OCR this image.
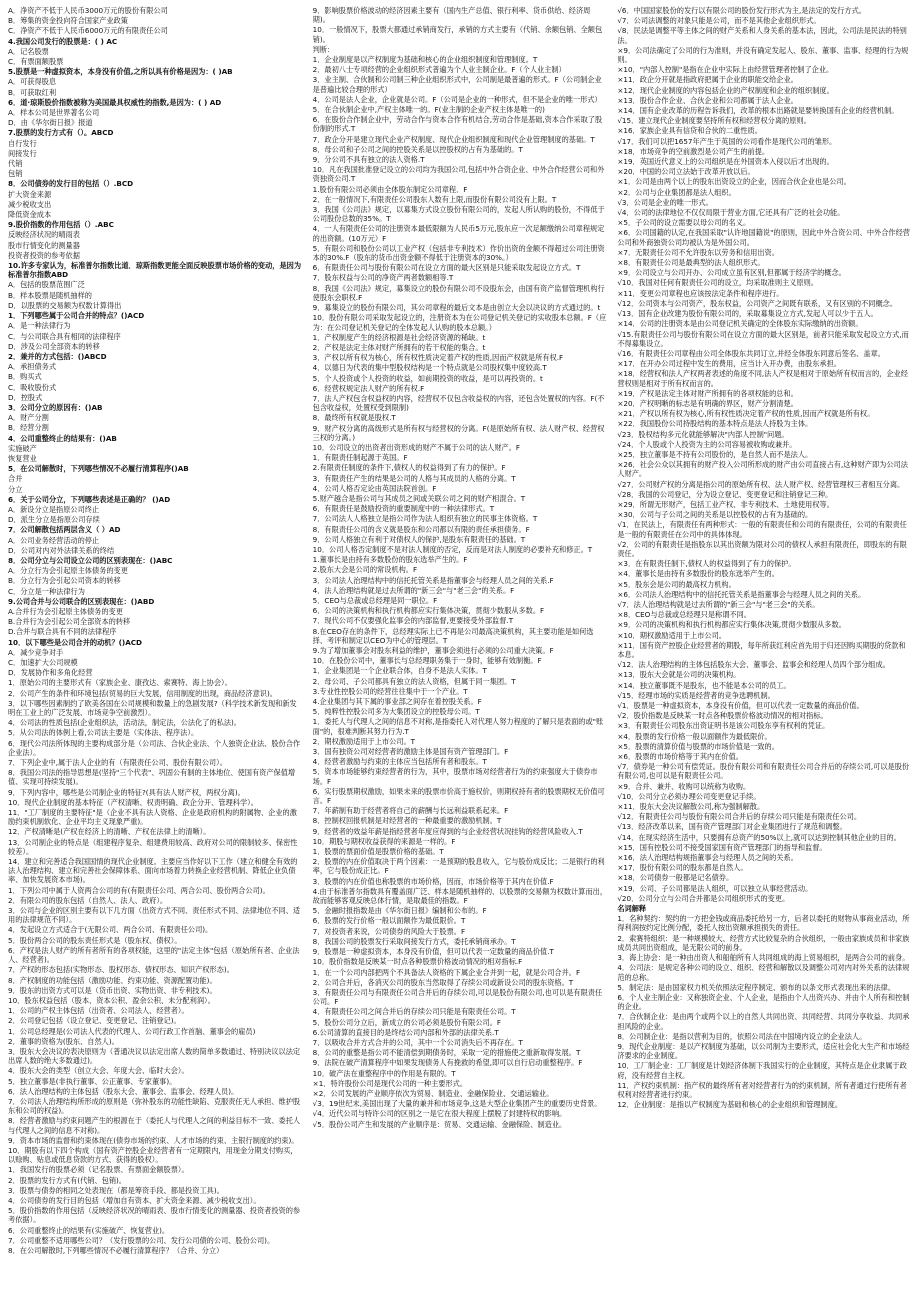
A．净资产不低于人民币3000万元的股份有限公司

B．筹集的资金投向符合国家产业政策

C．净资产不低于人民币6000万元的有限责任公司

4.我国公司发行的股票是：( ) AC

A．记名股票

C．有票面额股票

5.股票是一种虚拟资本，本身没有价值,之所以具有价格是因为：( )AB

A．可获得股息

B．可获取红利

6．道·琼斯股价指数被称为美国最具权威性的指数,是因为：( ) AD

A．样本公司是世界著名公司

D．由《华尔街日报》报道

7.股票的发行方式有（）。ABCD

自行发行

间接发行

代销

包销

8．公司债券的发行目的包括（）.BCD

扩大资金来源

减少税收支出

降低资金成本

9.股价指数的作用包括（）.ABC

反映经济状况的晴雨表

股市行情变化的测量器

投资者投资的参考依据

10.许多专家认为，标准普尔指数比道．琼斯指数更能全面反映股票市场价格的变动，是因为标准普尔指数ABD

A．包括的股票范围广泛

B．样本股票是随机抽样的

D．以股票的交易额为权数计算得出

1．下列哪些属于公司合并的特点？()ACD

A．是一种法律行为

C．与公司联合具有相同的法律程序

D．涉及公司全部资本的转移

2．兼并的方式包括：()ABCD

A．承担债务式

B．购买式

C．吸收股份式

D．控股式

3．公司分立的原因有：()AB

A．财产分割

B．经营分割

4．公司重整终止的结果有：()AB

实施破产

恢复营业

5．在公司解散时，下列哪些情况不必履行清算程序()AB

合并

分立

6．关于公司分立，下列哪些表述是正确的？ ()AD

A．新设分立是指原公司终止

D．派生分立是指原公司存续

7．公司解散包括两层含义（ ）AD

A．公司业务经营活动的停止

D．公司对内对外法律关系的终结

8．公司分立与公司设立公司的区别表现在：()ABC

A．分立行为会引起原主体债务的变更

B．分立行为会引起公司资本的转移

C．分立是一种法律行为

9.公司合并与公司联合的区别表现在：()ABD

A.合并行为会引起原主体债务的变更

B.合并行为会引起公司全部资本的转移

D.合并与联合具有不同的法律程序

10．以下哪些是公司合并的动机？()ACD

A．减少竞争对手

C．加速扩大公司规模

D．发展协作和多角化经营

1．原始公司的主要形式有（家族企业、康孜达、索赛特、海上协会）。

2．公司产生的条件和环境包括(贸易的巨大发展，信用制度的出现，商品经济意识)。

3．以下哪些因素制约了欧美各国在公司规模和数量上的急剧发展?（科学技术新发现和新发明在工业上的广泛发展、市场竞争空前激烈）。

4．公司法的性质包括(企业组织法，活动法，制定法，公法化了的私法)。

5．从公司法的体例上看,公司法主要是（实体法、程序法）。

6．现代公司法所体现的主要构成部分是（公司法、合伙企业法、个人独资企业法、股份合作企业法）。

7．下列企业中,属于法人企业的有（有限责任公司、股份有限公司）。

8．我国公司法的指导思想是(坚持"三个代表"、巩固公有制的主体地位、使国有资产保值增值、实现可持续发展)。

9．下列内容中，哪些是公司制企业的特征?(具有法人财产权，两权分离)。

10．现代企业制度的基本特征（产权清晰、权责明确、政企分开、管理科学）。

11．"工厂制度的主要特征"是（企业不具有法人资格、企业是政府机构的附属物、企业的激励约束机制软化、企业平均主义现象严重)。

12．产权清晰是(产权在经济上的清晰、产权在法律上的清晰）。

13．公司制企业的特点是（组建程序复杂、组建费用较高、政府对公司的限制较多、保密性较差）。

14．建立和完善适合我国国情的现代企业制度。主要应当作好以下工作（建立和健全有效的法人治理结构、建立和完善社会保障体系、面向市场着力转换企业经营机制、降低企业负债率、加快发展资本市场)。

1．下列公司中属于人资两合公司的有(有限责任公司、两合公司、股份两合公司)。

2．有限公司的股东包括（自然人、法人、政府）。

3．公司与企业的区别主要有以下几方面（出资方式不同、责任形式不同、法律地位不同、适用的法律规范不同）。

4．发起设立方式适合于(无限公司、两合公司、有限责任公司)。

5．股份两合公司的股东责任形式是（股东权、债权）。

6．产权是法人财产的所有者所有的各项权能，这里的"法定主体"包括（原始所有者、企业法人、经营者)。

7．产权的形态包括(实物形态、股权形态、债权形态、知识产权形态)。

8．产权制度的功能包括（激励功能、约束功能、资源配置功能)。

9．股东的出资方式可以是（货币出资、实物出资、非专利技术)。

10．股东权益包括（股本、资本公积、盈余公积、未分配利润）。

1．公司的产权主体包括（出资者、公司法人、经营者）。

2．公司登记包括（设立登记、变更登记、注销登记)。

1．公司总经理是(公司法人代表的代理人、公司行政工作首脑、董事会的雇员)

2．董事的资格为(股东、自然人)。

3．股东大会决议的表决原则为（普通决议以法定出席人数的简单多数通过、特别决议以法定出席人数的绝大多数通过)。

4．股东大会的类型（创立大会、年度大会、临时大会）。

5．独立董事是(非执行董事、公正董事、专家董事)。

6．法人治理结构的主体包括（股东大会、董事会、监事会、经理人员)。

7．公司法人治理结构所形成的原则是（弥补股东的功能性缺陷、克服责任无人承担、维护股东和公司的权益)。

8．经营者激励与约束问题产生的根源在于（委托人与代理人之间的利益目标不一致、委托人与代理人之间的信息不对称)。

9．资本市场的监督和约束体现在(债券市场的约束、人才市场的约束、主银行制度的约束)。

10．期股有以下四个构成（国有资产控股企业经营者有一定期限内，用现金分期支付购买，以赊购、贴息或低息贷款的方式、获得的股权）。

1．我国发行的股票必须（记名股票、有票面金额股票）。

2．股票的发行方式有(代销、包销)。

3．股票与债券的相同之处表现在（都是筹资手段、都是投资工具)。

4．公司债券的发行目的包括（增加自有资本、扩大资金来源、减少税收支出）。

5．股价指数的作用包括（反映经济状况的晴雨表、股市行情变化的测量器、投资者投资的参考依据）。

6．公司重整终止的结果有(实施破产、恢复营业)。

7．公司重整不适用哪些公司？（发行股票的公司、发行公司债的公司、股份公司)。

8．在公司解散时,下列哪些情况不必履行清算程序？（合并、分立）

9．影响股票价格波动的经济因素主要有（国内生产总值、银行利率、货币供给、经济周期)。

10．一般情况下，股票大都通过承销商发行，承销的方式主要有（代销、余额包销、全额包销)。

判断：

1．企业制度是以产权制度为基础和核心的企业组织制度和管理制度。T

2．最初八士专项经营的企业组织形式普遍为个人业主制企业。F（个人业主制）

3．业主制、合伙制和公司制三种企业组织形式中，公司制是最普遍的形式。F（公司制企业是普遍比较合理的形式）

4．公司是法人企业，企业就是公司。F（公司是企业的一种形式，但不是企业的唯一形式）

5．在合伙制企业中,产权主体唯一的。F(业主制的企业产权主体是唯一的)

6．在股份合作制企业中，劳动合作与资本合作有机结合,劳动合作是基础,资本合作采取了股份制的形式.T

7．政企分开是建立现代企业产权制度、现代企业组织制度和现代企业管理制度的基础。T

8．母公司和子公司之间的控股关系是以控股权的占有为基础的。T

9．分公司不具有独立的法人资格.T

10．凡在我国批准登记设立的公司均为我国公司,包括中外合资企业、中外合作经营公司和外资独资公司.T

1.股份有限公司必须由全体股东制定公司章程．F

2．在一般情况下,有限责任公司股东人数有上限,而股份有限公司没有上限。T

3．我国《公司法》规定，以募集方式设立股份有限公司的，发起人所认购的股份，不得低于公司股份总数的35%。T

4．一人有限责任公司的注册资本最低限额为人民币5万元,股东应一次足额缴纳公司章程规定的出资额。(10万元）F

5．有限公司和股份公司以工业产权（包括非专利技术）作价出资的金额不得超过公司注册资本的30%.F（股东的货币出资金额不得低于注册资本的30%。）

6．有限责任公司与股份有限公司在设立方面的最大区别是只能采取发起设立方式。T

7．股东权益与公司的净资产两者数额相等.T

8．我国《公司法》规定，募集设立的股份有限公司不设股东会，由国有资产监督管理机构行使股东会职权.F

9．募集设立的股份有限公司，其公司章程的最后文本是由创立大会以决议的方式通过的。t

10．股份有限公司采取发起设立的，注册资本为在公司登记机关登记的实收股本总额。F（应为：在公司登记机关登记的全体发起人认购的股本总额。）

1．产权制度产生的经济根源是社会经济资源的稀缺。t

2．产权是法定主体对财产所拥有的若干权能的集合。t

3．产权以所有权为核心，所有权性质决定着产权的性质,因而产权就是所有权.F

4．以德日为代表的集中型股权结构是一个特点就是公司股权集中度较高.T

5．个人投资或个人投资的收益，如前期投资的收益，是可以再投资的。t

6．经营权规定法人财产的所有权.F

7．法人产权包含权益权的内容，经营权不仅包含收益权的内容，还包含处置权的内容。F(不包含收益权，处置权受到限制)

8．最终所有权就是股权.T

9．财产权分离的高级形式是所有权与经营权的分离。F(是原始所有权、法人财产权、经营权三权的分离。)

10．公司设立的出资者出资形成的财产不属于公司的法人财产。F

1．有限责任制起源于英国。F

2.有限责任制度的条件下,债权人的权益得到了有力的保护。F

3．有限责任产生的结果是公司的人格与其成员的人格的分离。T

4．公司人格否定论由英国法院首创。F

5.财产越合是指公司与其成员之间或关联公司之间的财产相混合。T

6．有限责任是鼓励投资的重要制度中的一种法律形式。T

7．公司法人人格独立是指公司作为法人组织有独立的民事主体资格。T

8．有限责任公司的含义就是股东和公司都以有限的责任承担债务。F

9．公司人格独立有利于对债权人的保护,是股东有限责任的基础。T

10．公司人格否定制度不是对法人制度的否定，反而是对法人制度的必要补充和修正。T

1.董事长是由持有多数股份的股东选举产生的。F

2.股东大会是公司的常设机构。F

3．公司法人治理结构中的信托托管关系是指董事会与经理人员之间的关系.F

4．法人治理结构就是过去所谓的"新三会"与"老三会"的关系。F

5．CEO与总裁或总经理是同一职位。F

6．公司的决策机构和执行机构都应实行集体决策，贯彻少数服从多数。F

7．现代公司不仅要强化监事会的内部监督,更要接受外部监督.T

8.在CEO存在的条件下，总经理实际上已不再是公司最高决策机构，其主要功能是如何选择、考评和制定以CEO为中心的管理层。T

9.为了增加董事会对股东利益的维护，董事会须进行必须的公司重大决策。F

10．在股份公司中，董事长与总经理职务集于一身时，能够有效制衡。F

1．企业集团是一个企业联合体，自身不是法人实体。T

2．母公司、子公司都具有独立的法人资格，但属于同一集团。T

3.专业性控股公司的经营往往集中于一个产业。T

4.企业集团与其下属的事业部之间存在着控股关系。F

5．纯粹性控股公司多为大集团设立的控股母公司。T

1．委托人与代理人之间的信息不对称,是指委托人对代理人努力程度的了解只是表面的或"账面"的，很难判断其努力行为.T

2．期权激励适用于上市公司。T

3．国有独资公司对经营者的激励主体是国有资产管理部门。F

4．经营者激励与约束的主体应当包括所有者和股东。T

5．资本市场能够约束经营者的行为，其中，股票市场对经营者行为的约束强度大于债券市场。F

6．实行股票期权激励，如果未来的股票市价高于施权价，则期权持有者的股票期权无价值可言。F

7．年薪制有助于经营者将自己的薪酬与长远利益联系起来。F

8．控制权回报机制是对经营者的一种最重要的激励机制。T

9．经营者的效益年薪是指经营者年度应得到的与企业经营状况挂钩的经营风险收入.T

10．期股与期权收益获得的来源是一样的。F

1．股票的票面价值是股票价格的基础。T

2．股票的内在价值取决于两个因素：一是预期的股息收入，它与股份成反比；二是银行的利率，它与股份成正比。F

3．股票的内在价值也称股票的市场价格，因而，市场价格等于其内在价值.F

4.由于标准普尔指数具有覆盖面广泛、样本是随机抽样的、以股票的交易额为权数计算而出，故而能够客观反映总体行情，是取最佳的指数。F

5．金融时报指数是由《华尔街日报》编制和公布的。F

6．股票的发行价格一般以面额作为最低限价。T

7．对投资者来说，公司债券的风险大于股票。F

8．我国公司的股票发行采取间接发行方式，委托承销商承办。T

9．股票是一种虚拟资本，本身没有价值，但可以代表一定数量的商品价值.T

10．股价指数是反映某一时点各种股票价格波动情况的相对指标.F

1．在一个公司内部把两个不具备法人资格的下属企业合并到一起，就是公司合并。F

2．公司合并后，各消灭公司的股东当然取得了存续公司或新设公司的股东资格。T

3．有限责任公司与有限责任公司合并后的存续公司,可以是股份有限公司,也可以是有限责任公司。F

4．有限责任公司之间合并后的存续公司只能是有限责任公司。T

5．股份公司分立后，新成立的公司必须是股份有限公司。F

6.公司清算的直接目的是终结公司内部和外部的法律关系.T

7．以吸收合并方式合并的公司，其中一个公司消失后不再存在。T

8．公司的重整是指公司不能清偿到期债务时，采取一定的措施使之重新取得发展。T

9．法院在破产清算程序中如果发现债务人有挽救的希望,即可以自行启动重整程序。F

10．破产法在重整程序中的作用是有限的。T

×1．特许股份公司是现代公司的一种主要形式。

×2．公司发展的产业顺序依次为贸易、制造业、金融保险业、交通运输业。

√3．19世纪末,美国出现了大量的兼并和市场竞争,这是大型企业集团产生的重要历史背景。

√4．近代公司与特许公司的区别之一是它在很大程度上摆脱了封建特权的影响。

√5．股份公司产生和发展的产业顺序是：贸易、交通运输、金融保险、制造业。

√6．中国国家股份的发行以有限公司的股份发行形式为主,是法定的发行方式。

√7．公司法调整的对象只能是公司，而不是其他企业组织形式。

√8．民法是调整平等主体之间的财产关系和人身关系的基本法，因此，公司法是民法的特别法。

×9．公司法确定了公司的行为准则，并没有确定发起人、股东、董事、监事、经理的行为规则。

×10．"内部人控制"是指在企业中实际上由经营管理者控制了企业。

×11．政企分开就是指政府把属于企业的职能交给企业。

×12．现代企业制度的内容包括企业的产权制度和企业的组织制度。

×13．股份合作企业、合伙企业和公司都属于法人企业。

×14．国有企业改革的历程告诉我们，改革的根本出路就是要转换国有企业的经营机制。

√15．建立现代企业制度要坚持所有权和经营权分离的原则。

×16．家族企业具有信贷和合伙的二重性质。

√17．我们可以把1657年产生于英国的公司看作是现代公司的雏形。

×18．市场竞争的空前激烈是公司产生的前提。

×19．英国近代意义上的公司组织是在外国资本入侵以后才出现的。

×20．中国的公司立法始于改革开放以后。

×1．公司是由两个以上的股东出资设立的企业，因而合伙企业也是公司。

×2．公司与企业集团都是法人组织。

√3．公司是企业的唯一形式。

√4．公司的法律地位不仅仅局限于营业方面,它还具有广泛的社会功能。

×5．子公司的设立需要以母公司的名义。

×6．公司国籍的认定,在我国采取"认许地国籍说"的原则，因此中外合资公司、中外合作经营公司和外商独资公司均被认为是外国公司。

×7．无限责任公司不允许股东以劳务和信用出资。

×8．有限责任公司是最典型的法人组织形式。

×9．公司设立与公司开办、公司成立虽有区别,但都属于经济学的概念。

√10．我国对任何有限责任公司的设立，均采取准则主义原则。

×11．变更公司章程也应该按法定条件和程序进行。

√12．公司资本与公司资产，股东权益，公司资产之间既有联系，又有区别的不同概念。

√13．国有企业改建为股份有限公司的，采取募集设立方式,发起人可以少于五人。

×14．公司的注册资本是由公司登记机关确定的全体股东实际缴纳的出资额。

√15.有限责任公司与股份有限公司在设立方面的最大区别是，前者只能采取发起设立方式,而不得募集设立。

√16．有限责任公司章程由公司全体股东共同订立,并经全体股东同意后签名、盖章。

×17．在开办公司过程中发生的费用，应当计入开办费，由股东承担。

×18．经营权和法人产权两者表述的角度不同,法人产权是相对于原始所有权而言的，企业经营权则是相对于所有权而言的。

×19．产权是法定主体对财产所拥有的各项权能的总和。

×20．产权明晰的标志是有明确的界区，财产分割清楚。

×21．产权以所有权为核心,所有权性质决定着产权的性质,因而产权就是所有权。

×22．我国股份公司持股结构的基本特点是法人持股为主体。

√23．股权结构多元化就能够解决"内部人控制"问题。

√24．个人股或个人投资为主的公司容易被收购或兼并。

×25．独立董事是不持有公司股份的，是自然人而不是法人。

×26．社会公众以其拥有的财产投入公司所形成的财产由公司直接占有,这种财产即为公司法人财产。

√27．公司财产权的分离是指公司的原始所有权、法人财产权、经营管理权三者相互分离。

√28．我国的公司登记，分为设立登记、变更登记和注销登记三种。

×29．所谓无形财产，包括工业产权、非专利技术、土地使用权等。

×30．公司与子公司之间的关系是以控股权的占有为基础的。

√1．在民法上，有限责任有两种形式：一般的有限责任和公司的有限责任，公司的有限责任是一般的有限责任在公司中的具体体现。

√2．公司的有限责任是指股东以其出资额为限对公司的债权人承担有限责任，即股东的有限责任。

×3．在有限责任制下,债权人的权益得到了有力的保护。

×4．董事长是由持有多数股份的股东选举产生的。

×5．股东会是公司的最高权力机构。

×6．公司法人治理结构中的信托托管关系是指董事会与经理人员之间的关系。

√7．法人治理结构就是过去所谓的"新三会"与"老三会"的关系。

×8．CEO与总裁或总经理只是称谓不同。

×9．公司的决策机构和执行机构都应实行集体决策,贯彻少数服从多数。

×10．期权激励适用于上市公司。

×11．国有资产控股企业经营者的期股，每年所获红利应首先用于归还因购买期股的贷款和本息。

√12．法人治理结构的主体包括股东大会、董事会、监事会和经理人员四个部分组成。

×13．股东大会就是公司的决策机构。

×14．独立董事既不是股东，也不能是本公司的员工。

√15．经理市场的实质是经营者的竞争选聘机制。

√1．股票是一种虚拟资本，本身没有价值，但可以代表一定数量的商品价值。

√2．股价指数是反映某一时点各种股票价格波动情况的相对指标。

×3．有限责任公司股东出资证明书是该公司股东享有权利的凭证。

×4．股票的发行价格一般以面额作为最低限价。

×5．股票的清算价值与股票的市场价值是一致的。

×6．股票的市场价格等于其内在价值。

√7．债券是一种公司有偿凭证。股份有限公司和有限责任公司合并后的存续公司,可以是股份有限公司,也可以是有限责任公司。

×9．合并、兼并、收购可以统称为收购。

√10．公司分立必须办理公司变更登记手续。

×11．股东大会决议解散公司,称为强制解散。

√12．有限责任公司与股份有限公司合并后的存续公司只能是有限责任公司。

√13．经济改革以来，国有资产管理部门对企业集团进行了规范和调整。

√14．在现实经济生活中，只要拥有总资产的50%以上,就可以达到控制其他企业的目的。

×15．国有控股公司不接受国家国有资产管理部门的指导和监督。

×16．法人治理结构规指董事会与经理人员之间的关系。

×17．股份有限公司的股东都是自然人。

×18．公司债券一般都是记名债券。

×19．公司、子公司都是法人组织，可以独立从事经营活动。

√20．公司分立与公司合并都是公司组织形式的变更。

名词解释

1．名种契约：契约的一方把金钱或商品委托给另一方，后者以委托的财物从事商业活动，所得利润按约定比例分配，委托人按出资额承担损失的责任。

2．索赛特组织：是一种规模较大、经营方式比较复杂的合伙组织，一般由家族成员和非家族成员共同出资组成，是无限公司的前身。

3．海上协会：是一种由出资人和船舶所有人共同组成的海上贸易组织，是两合公司的前身。

4．公司法：是规定各种公司的设立、组织、经营和解散以及调整公司对内对外关系的法律规范的总称。

5．制定法：是由国家权力机关依照法定程序制定、颁布的以条文形式表现出来的法律。

6．个人业主制企业：又称独资企业、个人企业，是指由个人出资兴办、并由个人所有和控制的企业。

7．合伙制企业：是由两个或两个以上的自然人共同出资、共同经营、共同分享收益、共同承担风险的企业。

8．公司制企业：是指以营利为目的，依照公司法在中国境内设立的企业法人。

9．现代企业制度：是以产权制度为基础，以公司制为主要形式，适应社会化大生产和市场经济要求的企业制度。

10．工厂制企业：工厂制度是计划经济体制下我国实行的企业制度，其特点是企业隶属于政府，没有经营自主权。

11．产权约束机制：指产权的最终所有者对经营者行为的约束机制，所有者通过行使所有者权利对经营者进行约束。

12．企业制度：是指以产权制度为基础和核心的企业组织和管理制度。
